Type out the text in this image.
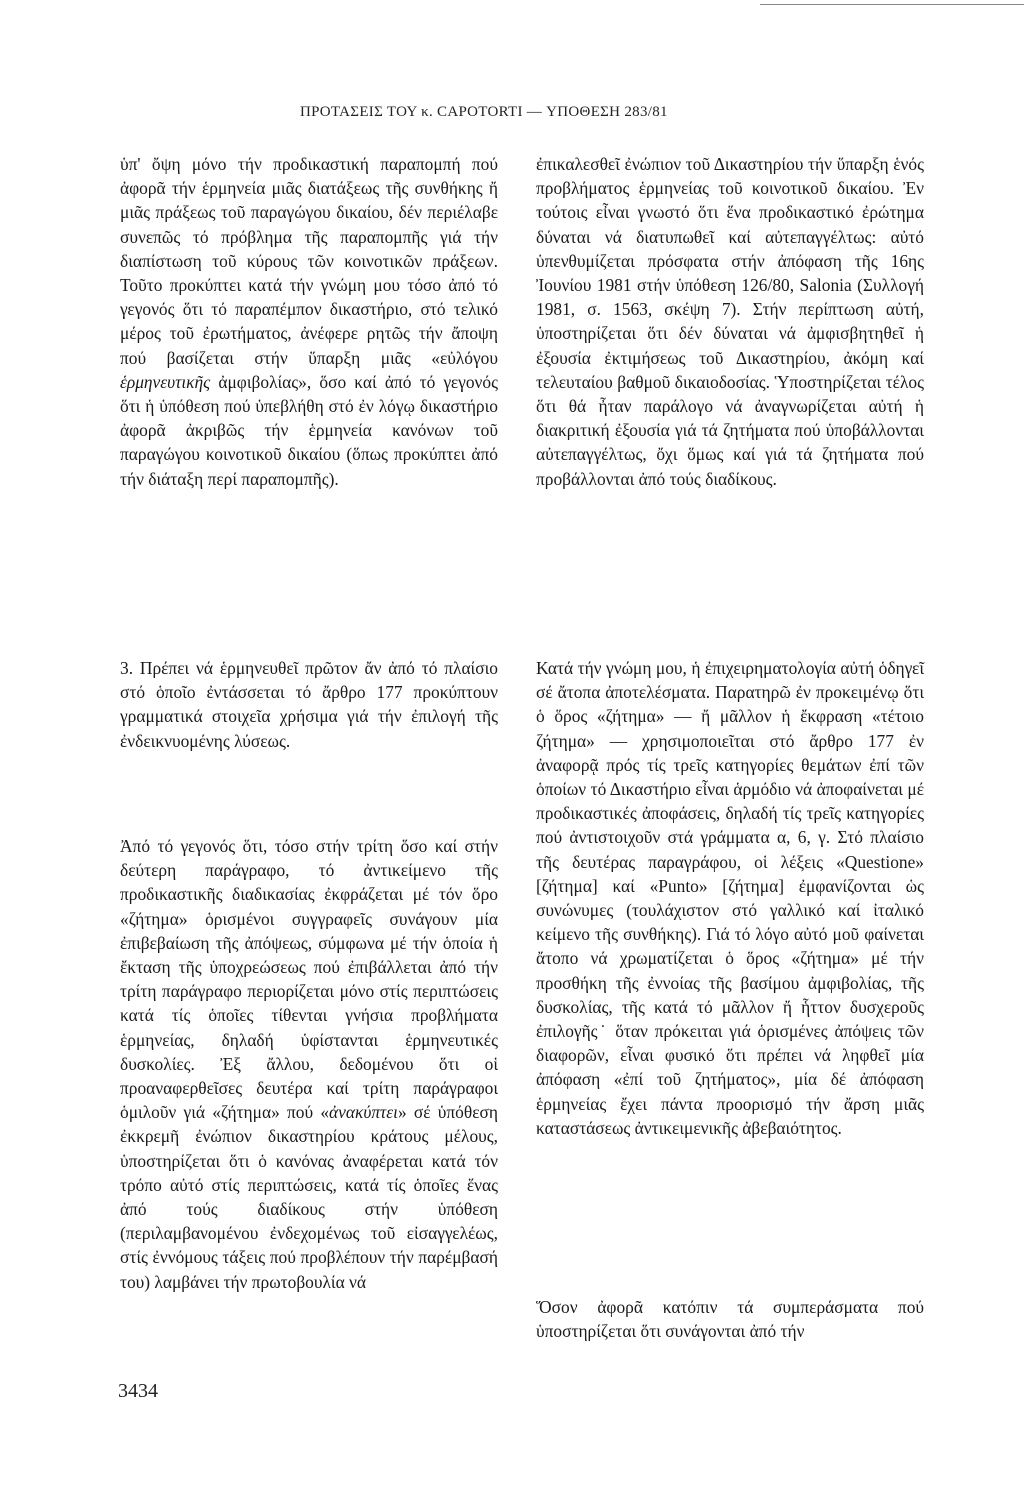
ΠΡΟΤΑΣΕΙΣ ΤΟΥ κ. CAPOTORTI — ΥΠΟΘΕΣΗ 283/81

ὑπ' ὄψη μόνο τήν προδικαστική παραπομπή πού ἀφορᾶ τήν ἑρμηνεία μιᾶς διατάξεως τῆς συνθήκης ἤ μιᾶς πράξεως τοῦ παραγώγου δικαίου, δέν περιέλαβε συνεπῶς τό πρόβλημα τῆς παραπομπῆς γιά τήν διαπίστωση τοῦ κύρους τῶν κοινοτικῶν πράξεων. Τοῦτο προκύπτει κατά τήν γνώμη μου τόσο ἀπό τό γεγονός ὅτι τό παραπέμπον δικαστήριο, στό τελικό μέρος τοῦ ἐρωτήματος, ἀνέφερε ρητῶς τήν ἄποψη πού βασίζεται στήν ὕπαρξη μιᾶς «εὐλόγου ἑρμηνευτικῆς ἀμφιβολίας», ὅσο καί ἀπό τό γεγονός ὅτι ἡ ὑπόθεση πού ὑπεβλήθη στό ἐν λόγῳ δικαστήριο ἀφορᾶ ἀκριβῶς τήν ἑρμηνεία κανόνων τοῦ παραγώγου κοινοτικοῦ δικαίου (ὅπως προκύπτει ἀπό τήν διάταξη περί παραπομπῆς).

3. Πρέπει νά ἑρμηνευθεῖ πρῶτον ἄν ἀπό τό πλαίσιο στό ὁποῖο ἐντάσσεται τό ἄρθρο 177 προκύπτουν γραμματικά στοιχεῖα χρήσιμα γιά τήν ἐπιλογή τῆς ἐνδεικνυομένης λύσεως.

Ἀπό τό γεγονός ὅτι, τόσο στήν τρίτη ὅσο καί στήν δεύτερη παράγραφο, τό ἀντικείμενο τῆς προδικαστικῆς διαδικασίας ἐκφράζεται μέ τόν ὅρο «ζήτημα» ὁρισμένοι συγγραφεῖς συνάγουν μία ἐπιβεβαίωση τῆς ἀπόψεως, σύμφωνα μέ τήν ὁποία ἡ ἔκταση τῆς ὑποχρεώσεως πού ἐπιβάλλεται ἀπό τήν τρίτη παράγραφο περιορίζεται μόνο στίς περιπτώσεις κατά τίς ὁποῖες τίθενται γνήσια προβλήματα ἑρμηνείας, δηλαδή ὑφίστανται ἑρμηνευτικές δυσκολίες. Ἐξ ἄλλου, δεδομένου ὅτι οἱ προαναφερθεῖσες δευτέρα καί τρίτη παράγραφοι ὁμιλοῦν γιά «ζήτημα» πού «ἀνακύπτει» σέ ὑπόθεση ἐκκρεμῆ ἐνώπιον δικαστηρίου κράτους μέλους, ὑποστηρίζεται ὅτι ὁ κανόνας ἀναφέρεται κατά τόν τρόπο αὐτό στίς περιπτώσεις, κατά τίς ὁποῖες ἕνας ἀπό τούς διαδίκους στήν ὑπόθεση (περιλαμβανομένου ἐνδεχομένως τοῦ εἰσαγγελέως, στίς ἐννόμους τάξεις πού προβλέπουν τήν παρέμβασή του) λαμβάνει τήν πρωτοβουλία νά

ἐπικαλεσθεῖ ἐνώπιον τοῦ Δικαστηρίου τήν ὕπαρξη ἑνός προβλήματος ἑρμηνείας τοῦ κοινοτικοῦ δικαίου. Ἐν τούτοις εἶναι γνωστό ὅτι ἕνα προδικαστικό ἐρώτημα δύναται νά διατυπωθεῖ καί αὐτεπαγγέλτως: αὐτό ὑπενθυμίζεται πρόσφατα στήν ἀπόφαση τῆς 16ης Ἰουνίου 1981 στήν ὑπόθεση 126/80, Salonia (Συλλογή 1981, σ. 1563, σκέψη 7). Στήν περίπτωση αὐτή, ὑποστηρίζεται ὅτι δέν δύναται νά ἀμφισβητηθεῖ ἡ ἐξουσία ἐκτιμήσεως τοῦ Δικαστηρίου, ἀκόμη καί τελευταίου βαθμοῦ δικαιοδοσίας. Ὑποστηρίζεται τέλος ὅτι θά ἦταν παράλογο νά ἀναγνωρίζεται αὐτή ἡ διακριτική ἐξουσία γιά τά ζητήματα πού ὑποβάλλονται αὐτεπαγγέλτως, ὄχι ὅμως καί γιά τά ζητήματα πού προβάλλονται ἀπό τούς διαδίκους.

Κατά τήν γνώμη μου, ἡ ἐπιχειρηματολογία αὐτή ὁδηγεῖ σέ ἄτοπα ἀποτελέσματα. Παρατηρῶ ἐν προκειμένῳ ὅτι ὁ ὅρος «ζήτημα» — ἤ μᾶλλον ἡ ἔκφραση «τέτοιο ζήτημα» — χρησιμοποιεῖται στό ἄρθρο 177 ἐν ἀναφορᾷ πρός τίς τρεῖς κατηγορίες θεμάτων ἐπί τῶν ὁποίων τό Δικαστήριο εἶναι ἁρμόδιο νά ἀποφαίνεται μέ προδικαστικές ἀποφάσεις, δηλαδή τίς τρεῖς κατηγορίες πού ἀντιστοιχοῦν στά γράμματα α, 6, γ. Στό πλαίσιο τῆς δευτέρας παραγράφου, οἱ λέξεις «Questione» [ζήτημα] καί «Punto» [ζήτημα] ἐμφανίζονται ὡς συνώνυμες (τουλάχιστον στό γαλλικό καί ἰταλικό κείμενο τῆς συνθήκης). Γιά τό λόγο αὐτό μοῦ φαίνεται ἄτοπο νά χρωματίζεται ὁ ὅρος «ζήτημα» μέ τήν προσθήκη τῆς ἐννοίας τῆς βασίμου ἀμφιβολίας, τῆς δυσκολίας, τῆς κατά τό μᾶλλον ἤ ἧττον δυσχεροῦς ἐπιλογῆς˙ ὅταν πρόκειται γιά ὁρισμένες ἀπόψεις τῶν διαφορῶν, εἶναι φυσικό ὅτι πρέπει νά ληφθεῖ μία ἀπόφαση «ἐπί τοῦ ζητήματος», μία δέ ἀπόφαση ἑρμηνείας ἔχει πάντα προορισμό τήν ἄρση μιᾶς καταστάσεως ἀντικειμενικῆς ἀβεβαιότητος.

Ὅσον ἀφορᾶ κατόπιν τά συμπεράσματα πού ὑποστηρίζεται ὅτι συνάγονται ἀπό τήν

3434
